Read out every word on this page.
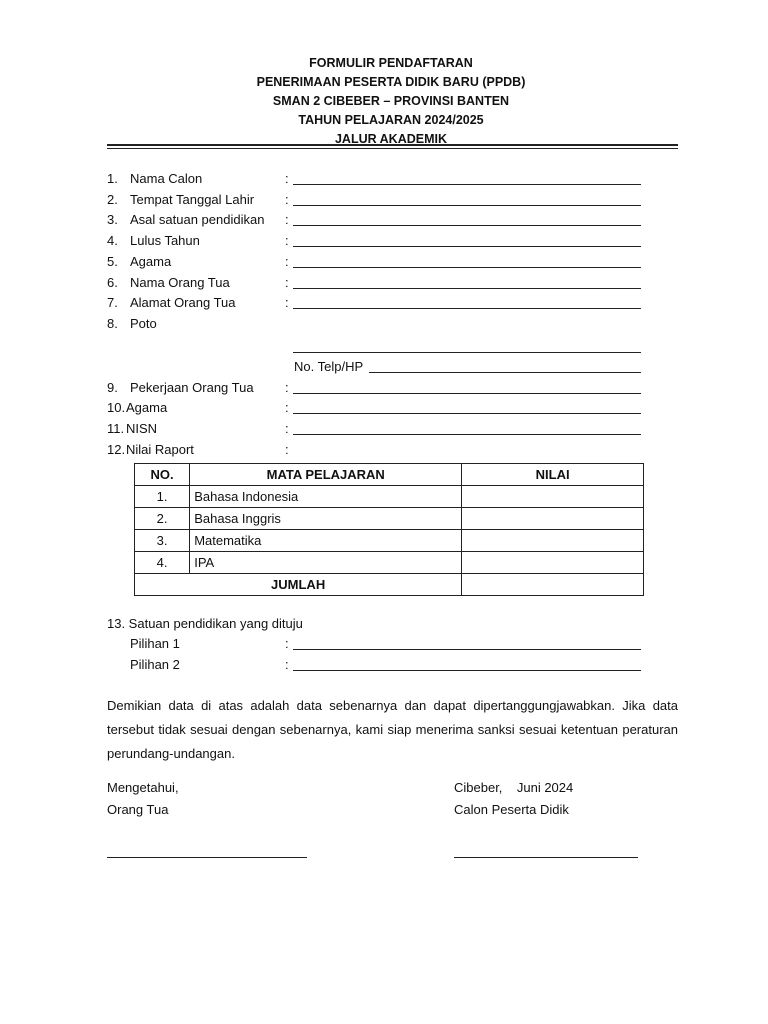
FORMULIR PENDAFTARAN
PENERIMAAN PESERTA DIDIK BARU (PPDB)
SMAN 2 CIBEBER – PROVINSI BANTEN
TAHUN PELAJARAN 2024/2025
JALUR AKADEMIK
1. Nama Calon	:
2. Tempat Tanggal Lahir :
3. Asal satuan pendidikan :
4. Lulus Tahun	:
5. Agama	:
6. Nama Orang Tua	:
7. Alamat Orang Tua	:
8. Poto
No. Telp/HP
9. Pekerjaan Orang Tua :
10. Agama	:
11. NISN	:
12. Nilai Raport	:
NO.	MATA PELAJARAN	NILAI
1.	Bahasa Indonesia	
2.	Bahasa Inggris	
3.	Matematika	
4.	IPA	
JUMLAH		
13. Satuan pendidikan yang dituju
Pilihan 1	:
Pilihan 2	:
Demikian data di atas adalah data sebenarnya dan dapat dipertanggungjawabkan. Jika data tersebut tidak sesuai dengan sebenarnya, kami siap menerima sanksi sesuai ketentuan peraturan perundang-undangan.
Mengetahui,
Orang Tua
Cibeber,    Juni 2024
Calon Peserta Didik
